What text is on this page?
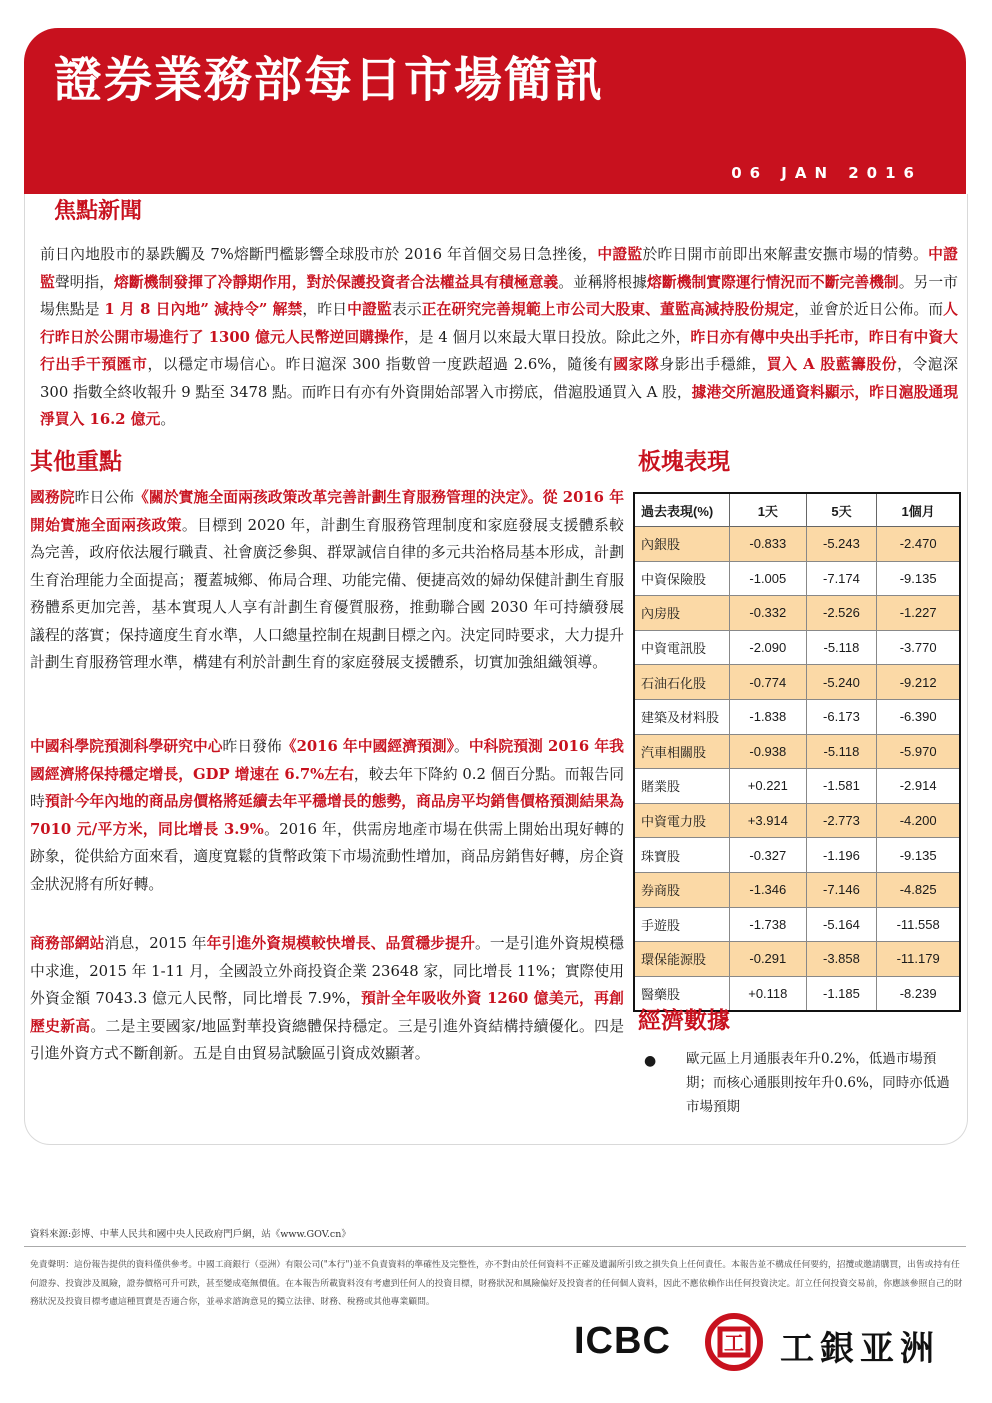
證券業務部每日市場簡訊
06 JAN 2016
焦點新聞
前日內地股市的暴跌觸及 7%熔斷門檻影響全球股市於 2016 年首個交易日急挫後，中證監於昨日開市前即出來解畫安撫市場的情勢。中證監聲明指，熔斷機制發揮了冷靜期作用，對於保護投資者合法權益具有積極意義。並稱將根據熔斷機制實際運行情況而不斷完善機制。另一市場焦點是 1 月 8 日內地” 減持令” 解禁，昨日中證監表示正在研究完善規範上市公司大股東、董監高減持股份規定，並會於近日公佈。而人行昨日於公開市場進行了 1300 億元人民幣逆回購操作，是 4 個月以來最大單日投放。除此之外，昨日亦有傳中央出手托市，昨日有中資大行出手干預匯市，以穩定市場信心。昨日滬深 300 指數曾一度跌超過 2.6%，隨後有國家隊身影出手穩維，買入 A 股藍籌股份，令滬深 300 指數全終收報升 9 點至 3478 點。而昨日有亦有外資開始部署入市撈底，借滬股通買入 A 股，據港交所滬股通資料顯示，昨日滬股通現淨買入 16.2 億元。
其他重點
國務院昨日公佈《關於實施全面兩孩政策改革完善計劃生育服務管理的決定》。從 2016 年開始實施全面兩孩政策。目標到 2020 年，計劃生育服務管理制度和家庭發展支援體系較為完善，政府依法履行職責、社會廣泛參與、群眾誠信自律的多元共治格局基本形成，計劃生育治理能力全面提高；覆蓋城鄉、佈局合理、功能完備、便捷高效的婦幼保健計劃生育服務體系更加完善，基本實現人人享有計劃生育優質服務，推動聯合國 2030 年可持續發展議程的落實；保持適度生育水準，人口總量控制在規劃目標之內。決定同時要求，大力提升計劃生育服務管理水準，構建有利於計劃生育的家庭發展支援體系，切實加強組織領導。
中國科學院預測科學研究中心昨日發佈《2016 年中國經濟預測》。中科院預測 2016 年我國經濟將保持穩定增長，GDP 增速在 6.7%左右，較去年下降約 0.2 個百分點。而報告同時預計今年內地的商品房價格將延續去年平穩增長的態勢，商品房平均銷售價格預測結果為 7010 元/平方米，同比增長 3.9%。2016 年，供需房地產市場在供需上開始出現好轉的跡象，從供給方面來看，適度寬鬆的貨幣政策下市場流動性增加，商品房銷售好轉，房企資金狀況將有所好轉。
商務部網站消息，2015 年年引進外資規模較快增長、品質穩步提升。一是引進外資規模穩中求進，2015 年 1-11 月，全國設立外商投資企業 23648 家，同比增長 11%；實際使用外資金額 7043.3 億元人民幣，同比增長 7.9%，預計全年吸收外資 1260 億美元，再創歷史新高。二是主要國家/地區對華投資總體保持穩定。三是引進外資結構持續優化。四是引進外資方式不斷創新。五是自由貿易試驗區引資成效顯著。
板塊表現
過去表現(%)	1天	5天	1個月
內銀股	-0.833	-5.243	-2.470
中資保險股	-1.005	-7.174	-9.135
內房股	-0.332	-2.526	-1.227
中資電訊股	-2.090	-5.118	-3.770
石油石化股	-0.774	-5.240	-9.212
建築及材料股	-1.838	-6.173	-6.390
汽車相關股	-0.938	-5.118	-5.970
賭業股	+0.221	-1.581	-2.914
中資電力股	+3.914	-2.773	-4.200
珠寶股	-0.327	-1.196	-9.135
券商股	-1.346	-7.146	-4.825
手遊股	-1.738	-5.164	-11.558
環保能源股	-0.291	-3.858	-11.179
醫藥股	+0.118	-1.185	-8.239
經濟數據
● 歐元區上月通脹表年升0.2%，低過市場預期；而核心通脹則按年升0.6%，同時亦低過市場預期
資料來源:彭博、中華人民共和國中央人民政府門戶網，站《www.GOV.cn》
免責聲明：這份報告提供的資料僅供參考。中國工商銀行（亞洲）有限公司("本行")並不負責資料的準確性及完整性，亦不對由於任何資料不正確及遺漏所引致之損失負上任何責任。本報告並不構成任何要約，招攬或邀請購買，出售或持有任何證券、投資涉及風險，證券價格可升可跌，甚至變成毫無價值。在本報告所載資料沒有考慮到任何人的投資目標，財務狀況和風險偏好及投資者的任何個人資料，因此不應依賴作出任何投資決定。訂立任何投資交易前，你應該參照自己的財務狀況及投資目標考慮這種買賣是否適合你，並尋求諮詢意見的獨立法律、財務、稅務或其他專業顧問。
ICBC	工 工銀亚洲
